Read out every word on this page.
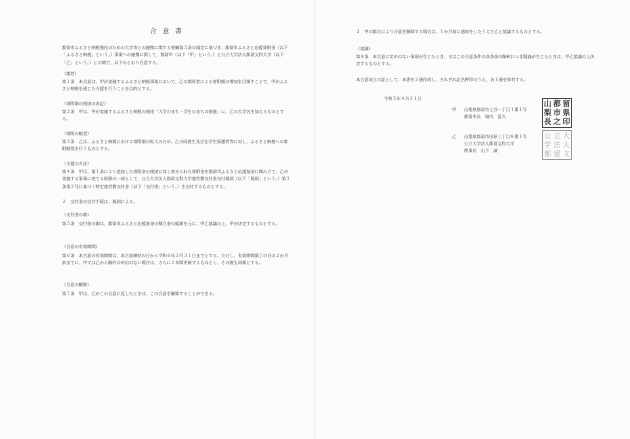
合 意 書

都留市ふるさと納税強化のための大学等との連携に関する要綱第５条の規定に基づき、都留市ふるさと応援寄附金（以下「ふるさと納税」という。）事業への連携に関して、都留市（以下「甲」という。）と公立大学法人都留文科大学（以下「乙」という。）との間で、以下のとおり合意する。

（趣旨）

第１条　本合意は、甲が実施するふるさと納税事業において、乙の関係者による寄附額の増加を目指すことで、甲がふるさと納税を通じた支援を行うことを目的とする。

（寄附額の使途の表記）

第２条　甲は、甲が実施するふるさと納税の使途「大学のまち・学生のまちの推進」に、乙の大学名を加えるものとする。

（寄附の勧奨）

第３条　乙は、ふるさと納税における寄附額の拡大のため、乙の同窓生及び在学生保護者等に対し、ふるさと納税への寄附勧奨を行うものとする。

（支援の方法）

第４条　甲は、第１条により追加した寄附金の使途に対し寄せられた寄附金を都留市ふるさと応援基金に積み立て、乙が実施する事業に充てる財源の一部として、公立大学法人都留文科大学運営費交付金交付規則（以下「規則」という。）第３条第２号に基づく特定運営費交付金（以下「交付金」という。）を交付するものとする。

２　交付金の交付手続は、規則による。

（交付金の額）

第５条　交付金の額は、都留市ふるさと応援基金の積立金の総額を元に、甲乙協議の上、甲が決定するものとする。

（合意の有効期間）

第６条　本合意の有効期間は、本合意締結の日から令和６年３月３１日までとする。ただし、有効期間満了の日の２か月前までに、甲又は乙から解約の申出のない場合は、さらに１年間更新するものとし、その後も同様とする。

（合意の解除）

第７条　甲は、乙がこの合意に反したときは、この合意を解除することができる。

２　甲の都合により合意を解除する場合は、１か月前に通知をしたうえで乙と協議するものとする。

（協議）

第８条　本合意に定めのない事項が生じたとき、又はこの合意条件の各条項の解釈につき疑義が生じたときは、甲乙協議の上決定するものとする。

本合意成立の証として、本書を２通作成し、それぞれ記名押印のうえ、各１通を保有する。

令和５年４月２１日
甲 山梨県都留市上谷一丁目１番１号
都留市長　堀内　富久
山 都 留
梨 市 県
長 之 印
乙 山梨県都留市田原三丁目８番１号
公立大学法人都留文科大学
理事長　山下　誠
公 立 大
学 法 人
都 留 文
